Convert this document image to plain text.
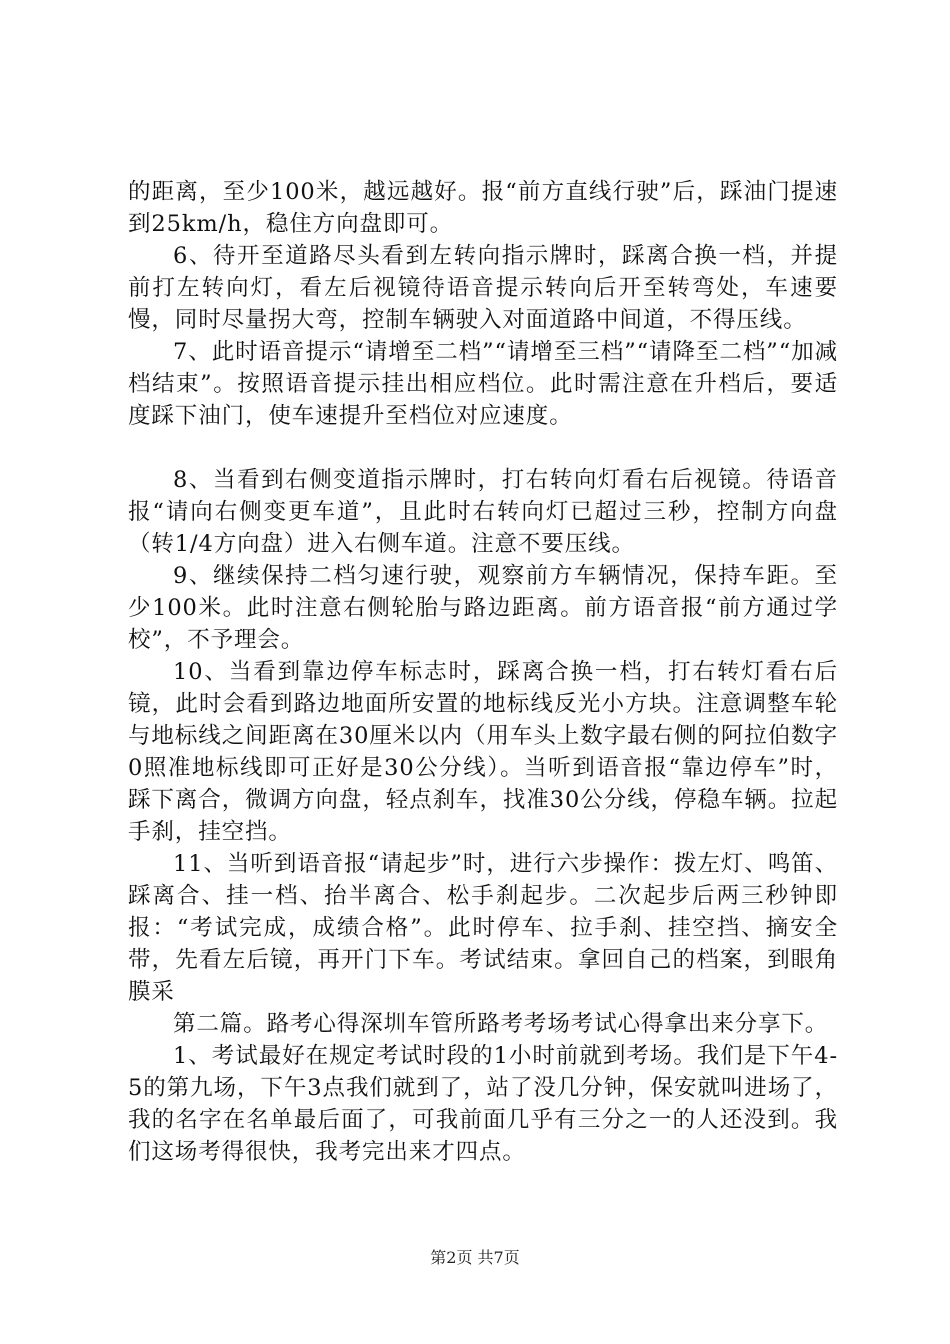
的距离，至少100米，越远越好。报“前方直线行驶”后，踩油门提速到25km/h，稳住方向盘即可。

6、待开至道路尽头看到左转向指示牌时，踩离合换一档，并提前打左转向灯，看左后视镜待语音提示转向后开至转弯处，车速要慢，同时尽量拐大弯，控制车辆驶入对面道路中间道，不得压线。

7、此时语音提示“请增至二档”“请增至三档”“请降至二档”“加减档结束”。按照语音提示挂出相应档位。此时需注意在升档后，要适度踩下油门，使车速提升至档位对应速度。

8、当看到右侧变道指示牌时，打右转向灯看右后视镜。待语音报“请向右侧变更车道”，且此时右转向灯已超过三秒，控制方向盘（转1/4方向盘）进入右侧车道。注意不要压线。

9、继续保持二档匀速行驶，观察前方车辆情况，保持车距。至少100米。此时注意右侧轮胎与路边距离。前方语音报“前方通过学校”，不予理会。

10、当看到靠边停车标志时，踩离合换一档，打右转灯看右后镜，此时会看到路边地面所安置的地标线反光小方块。注意调整车轮与地标线之间距离在30厘米以内（用车头上数字最右侧的阿拉伯数字0照准地标线即可正好是30公分线）。当听到语音报“靠边停车”时，踩下离合，微调方向盘，轻点刹车，找准30公分线，停稳车辆。拉起手刹，挂空挡。

11、当听到语音报“请起步”时，进行六步操作：拨左灯、鸣笛、踩离合、挂一档、抬半离合、松手刹起步。二次起步后两三秒钟即报：“考试完成，成绩合格”。此时停车、拉手刹、挂空挡、摘安全带，先看左后镜，再开门下车。考试结束。拿回自己的档案，到眼角膜采

第二篇。路考心得深圳车管所路考考场考试心得拿出来分享下。

1、考试最好在规定考试时段的1小时前就到考场。我们是下午4-5的第九场，下午3点我们就到了，站了没几分钟，保安就叫进场了，我的名字在名单最后面了，可我前面几乎有三分之一的人还没到。我们这场考得很快，我考完出来才四点。

第2页 共7页
